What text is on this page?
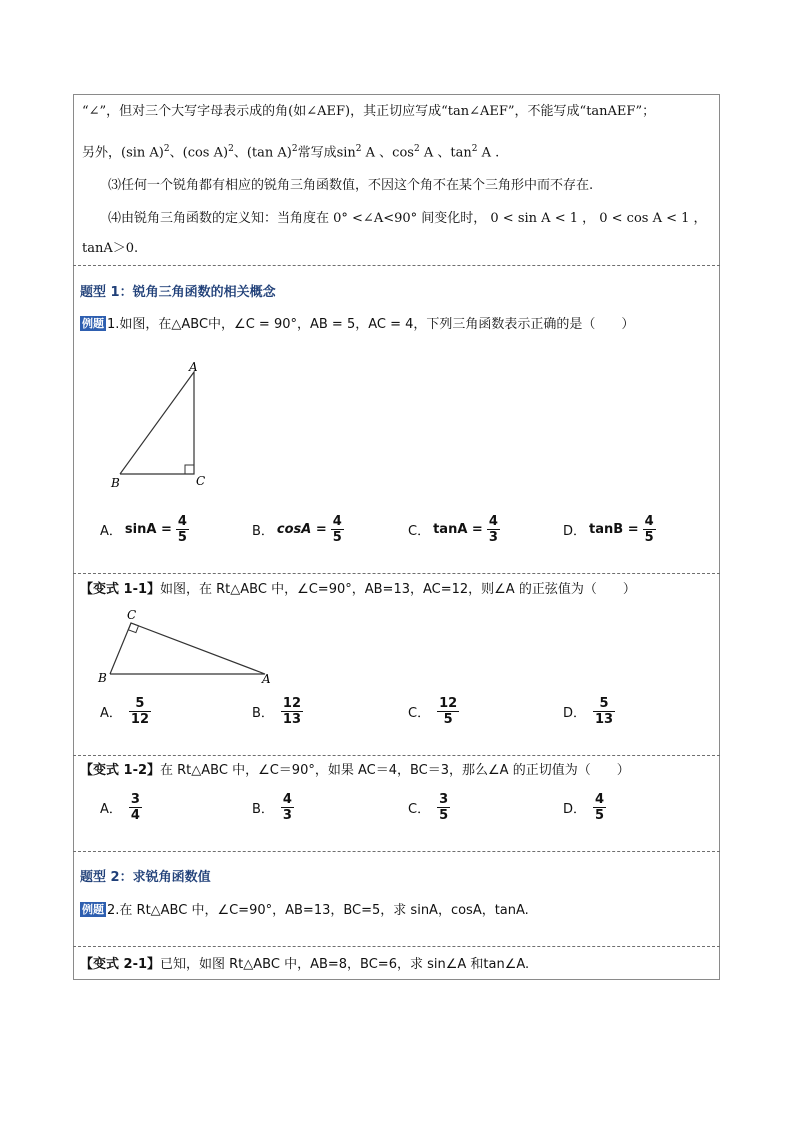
“∠”，但对三个大写字母表示成的角(如∠AEF)，其正切应写成“tan∠AEF”，不能写成“tanAEF”；
另外，(sin A)$^2$、(cos A)$^2$、(tan A)$^2$常写成$\sin^2 A$ 、$\cos^2 A$ 、$\tan^2 A$ .
⑶任何一个锐角都有相应的锐角三角函数值，不因这个角不在某个三角形中而不存在.
⑷由锐角三角函数的定义知：当角度在 0° <∠A<90° 间变化时， 0 < sin A < 1 ， 0 < cos A < 1 ，
tanA＞0.
题型 1：锐角三角函数的相关概念
例题 1.如图，在△ABC中，∠C = 90°，AB = 5，AC = 4，下列三角函数表示正确的是（　　）
A
B	C
A． $\sin A = \frac{4}{5}$	B． $\cos A = \frac{4}{5}$	C． $\tan A = \frac{4}{3}$	D． $\tan B = \frac{4}{5}$
【变式 1-1】如图，在 Rt△ABC 中，∠C=90°，AB=13，AC=12，则∠A 的正弦值为（　　）
C
B	A
A． $\frac{5}{12}$	B． $\frac{12}{13}$	C． $\frac{12}{5}$	D． $\frac{5}{13}$
【变式 1-2】在 Rt△ABC 中，∠C＝90°，如果 AC＝4，BC＝3，那么∠A 的正切值为（　　）
A． $\frac{3}{4}$	B． $\frac{4}{3}$	C． $\frac{3}{5}$	D． $\frac{4}{5}$
题型 2：求锐角函数值
例题 2.在 Rt△ABC 中，∠C=90°，AB=13，BC=5，求 sinA，cosA，tanA.
【变式 2-1】已知，如图 Rt△ABC 中，AB=8，BC=6，求 sin∠A 和tan∠A.
